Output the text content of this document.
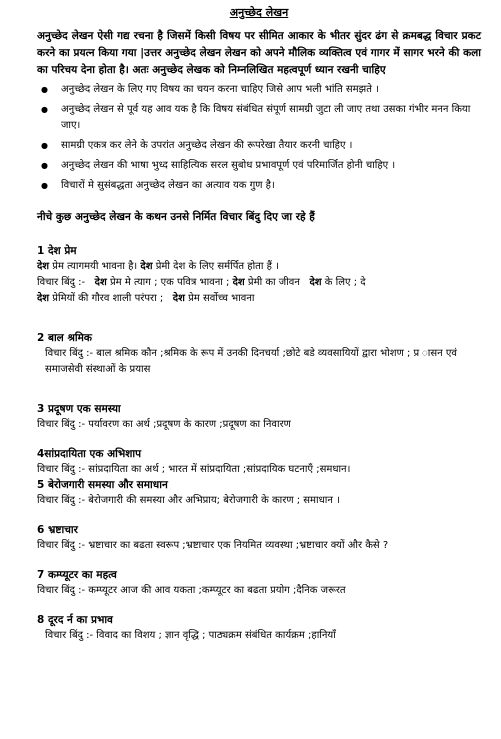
अनुच्छेद लेखन

अनुच्छेद लेखन ऐसी गद्य रचना है जिसमें किसी विषय पर सीमित आकार के भीतर सुंदर ढंग से क्रमबद्ध विचार प्रकट करने का प्रयत्न किया गया |उत्तर अनुच्छेद लेखन लेखन को अपने मौलिक व्यक्तित्व एवं गागर में सागर भरने की कला का परिचय देना होता है। अतः अनुच्छेद लेखक को निम्नलिखित महत्वपूर्ण ध्यान रखनी चाहिए

● अनुच्छेद लेखन के लिए गए विषय का चयन करना चाहिए जिसे आप भली भांति समझते ।
● अनुच्छेद लेखन से पूर्व यह आव यक है कि विषय संबंधित संपूर्ण सामग्री जुटा ली जाए तथा उसका गंभीर मनन किया जाए।
● सामग्री एकत्र कर लेने के उपरांत अनुच्छेद लेखन की रूपरेखा तैयार करनी चाहिए ।
● अनुच्छेद लेखन की भाषा भुध्द साहित्यिक सरल सुबोध प्रभावपूर्ण एवं परिमार्जित होनी चाहिए ।
● विचारों मे सुसंबद्धता अनुच्छेद लेखन का अत्याव यक गुण है।

नीचे कुछ अनुच्छेद लेखन के कथन उनसे निर्मित विचार बिंदु दिए जा रहे हैं

1 देश प्रेम

देश प्रेम त्यागमयी भावना है। देश प्रेमी देश के लिए सर्मर्पित होता हैं ।

विचार बिंदु :- देश प्रेम मे त्याग ; एक पवित्र भावना ; देश प्रेमी का जीवन देश के लिए ; दे
देश प्रेमियों की गौरव शाली परंपरा ; देश प्रेम सर्वोच्च भावना

2 बाल श्रमिक

विचार बिंदु :- बाल श्रमिक कौन ;श्रमिक के रूप में उनकी दिनचर्या ;छोटे बडे व्यवसायियों द्वारा भोशण ; प्र ासन एवं समाजसेवी संस्थाओं के प्रयास

3 प्रदूषण एक समस्या

विचार बिंदु :- पर्यावरण का अर्थ ;प्रदूषण के कारण ;प्रदूषण का निवारण

4सांप्रदायिता एक अभिशाप

विचार बिंदु :- सांप्रदायिता का अर्थ ; भारत में सांप्रदायिता ;सांप्रदायिक घटनाएँ ;समधान।

5 बेरोजगारी समस्या और समाधान

विचार बिंदु :- बेरोजगारी की समस्या और अभिप्राय; बेरोजगारी के कारण ; समाधान ।

6 भ्रष्टाचार

विचार बिंदु :- भ्रष्टाचार का बढता स्वरूप ;भ्रष्टाचार एक नियमित व्यवस्था ;भ्रष्टाचार क्यों और कैसे ?

7 कम्प्यूटर का महत्व

विचार बिंदु :- कम्प्यूटर आज की आव यकता ;कम्प्यूटर का बढता प्रयोग ;दैनिक जरूरत

8 दूरद र्न का प्रभाव

विचार बिंदु :- विवाद का विशय ; ज्ञान वृद्धि ; पाठ्यक्रम संबंधित कार्यक्रम ;हानियाँ
